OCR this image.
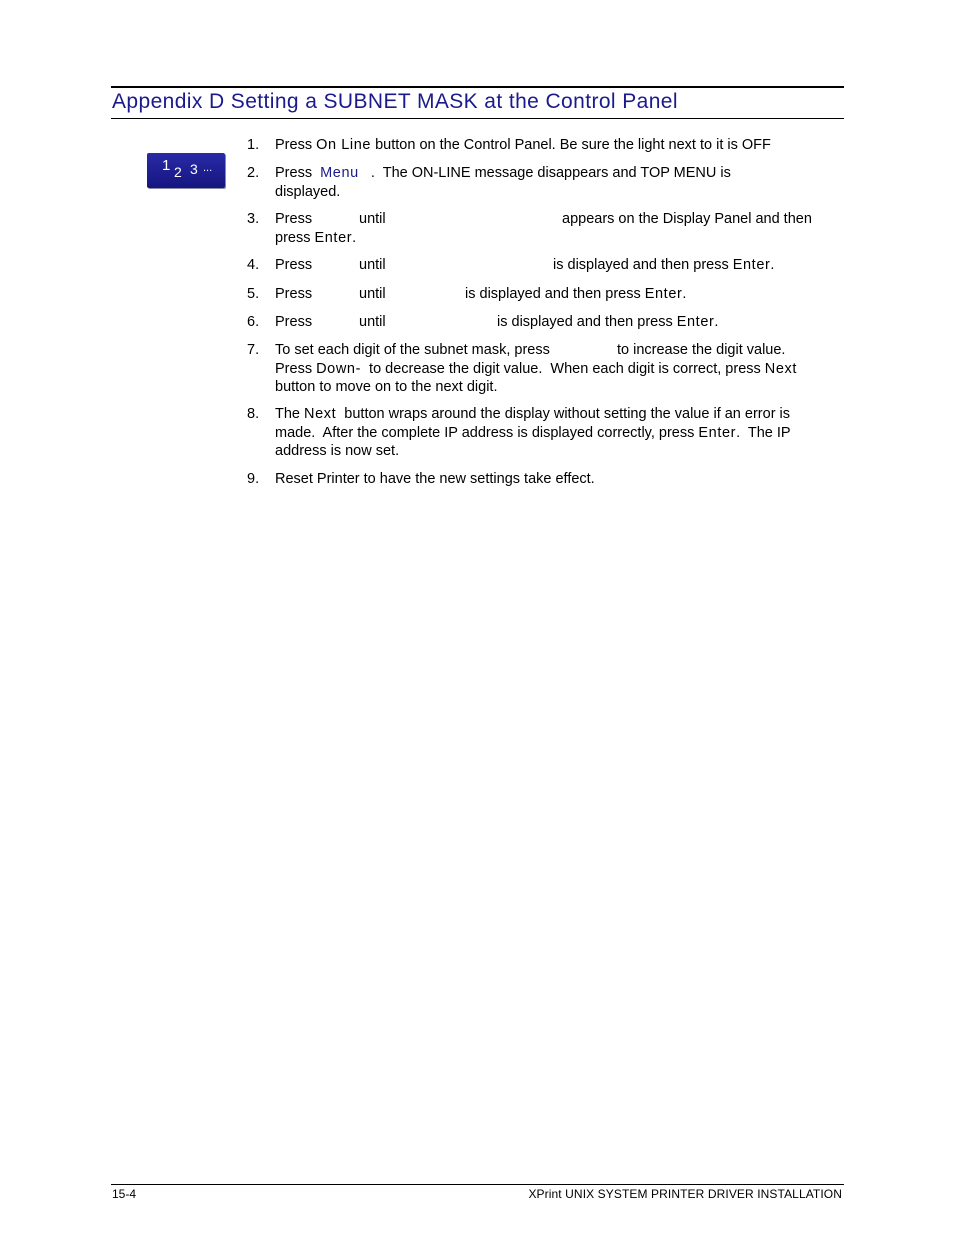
Appendix D Setting a SUBNET MASK at the Control Panel
1 2 3 ...
1. Press On Line button on the Control Panel. Be sure the light next to it is OFF
2. Press  Menu   .  The ON-LINE message disappears and TOP MENU is
displayed.
3. Press	until	appears on the Display Panel and then

press Enter.
4. Press	until	is displayed and then press Enter.
5. Press	until	is displayed and then press Enter.
6. Press	until	is displayed and then press Enter.
7. To set each digit of the subnet mask, press	to increase the digit value.

Press Down-  to decrease the digit value.  When each digit is correct, press Next
button to move on to the next digit.
8. The Next  button wraps around the display without setting the value if an error is
made.  After the complete IP address is displayed correctly, press Enter.  The IP
address is now set.
9. Reset Printer to have the new settings take effect.
15-4	XPrint UNIX SYSTEM PRINTER DRIVER INSTALLATION
